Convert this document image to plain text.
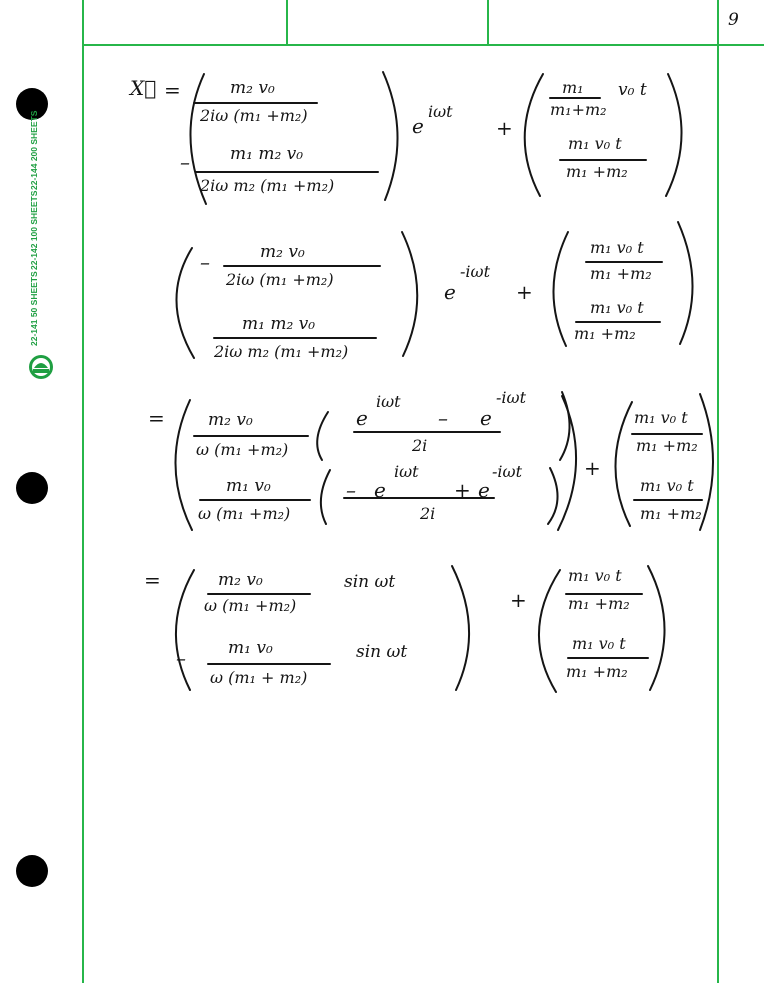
22-141 50 SHEETS
22-142 100 SHEETS
22-144 200 SHEETS
9
X⃗ =	m₂ v₀
2iω (m₁ +m₂)
– m₁ m₂ v₀
2iω m₂ (m₁ +m₂)
e
iωt
+
m₁
m₁+m₂
v₀ t
m₁ v₀ t
m₁ +m₂
–	m₂ v₀
2iω (m₁ +m₂)
m₁ m₂ v₀
2iω m₂ (m₁ +m₂)
e
-iωt
+
m₁ v₀ t
m₁ +m₂
m₁ v₀ t
m₁ +m₂
=	m₂ v₀
ω (m₁ +m₂)
e
iωt
– e
-iωt
2i
m₁ v₀
ω (m₁ +m₂)
– e
iωt
+ e
-iωt
2i
+
m₁ v₀ t
m₁ +m₂
m₁ v₀ t
m₁ +m₂
=	m₂ v₀
ω (m₁ +m₂)
sin ωt
– m₁ v₀
ω (m₁ + m₂)
sin ωt
+
m₁ v₀ t
m₁ +m₂
m₁ v₀ t
m₁ +m₂
